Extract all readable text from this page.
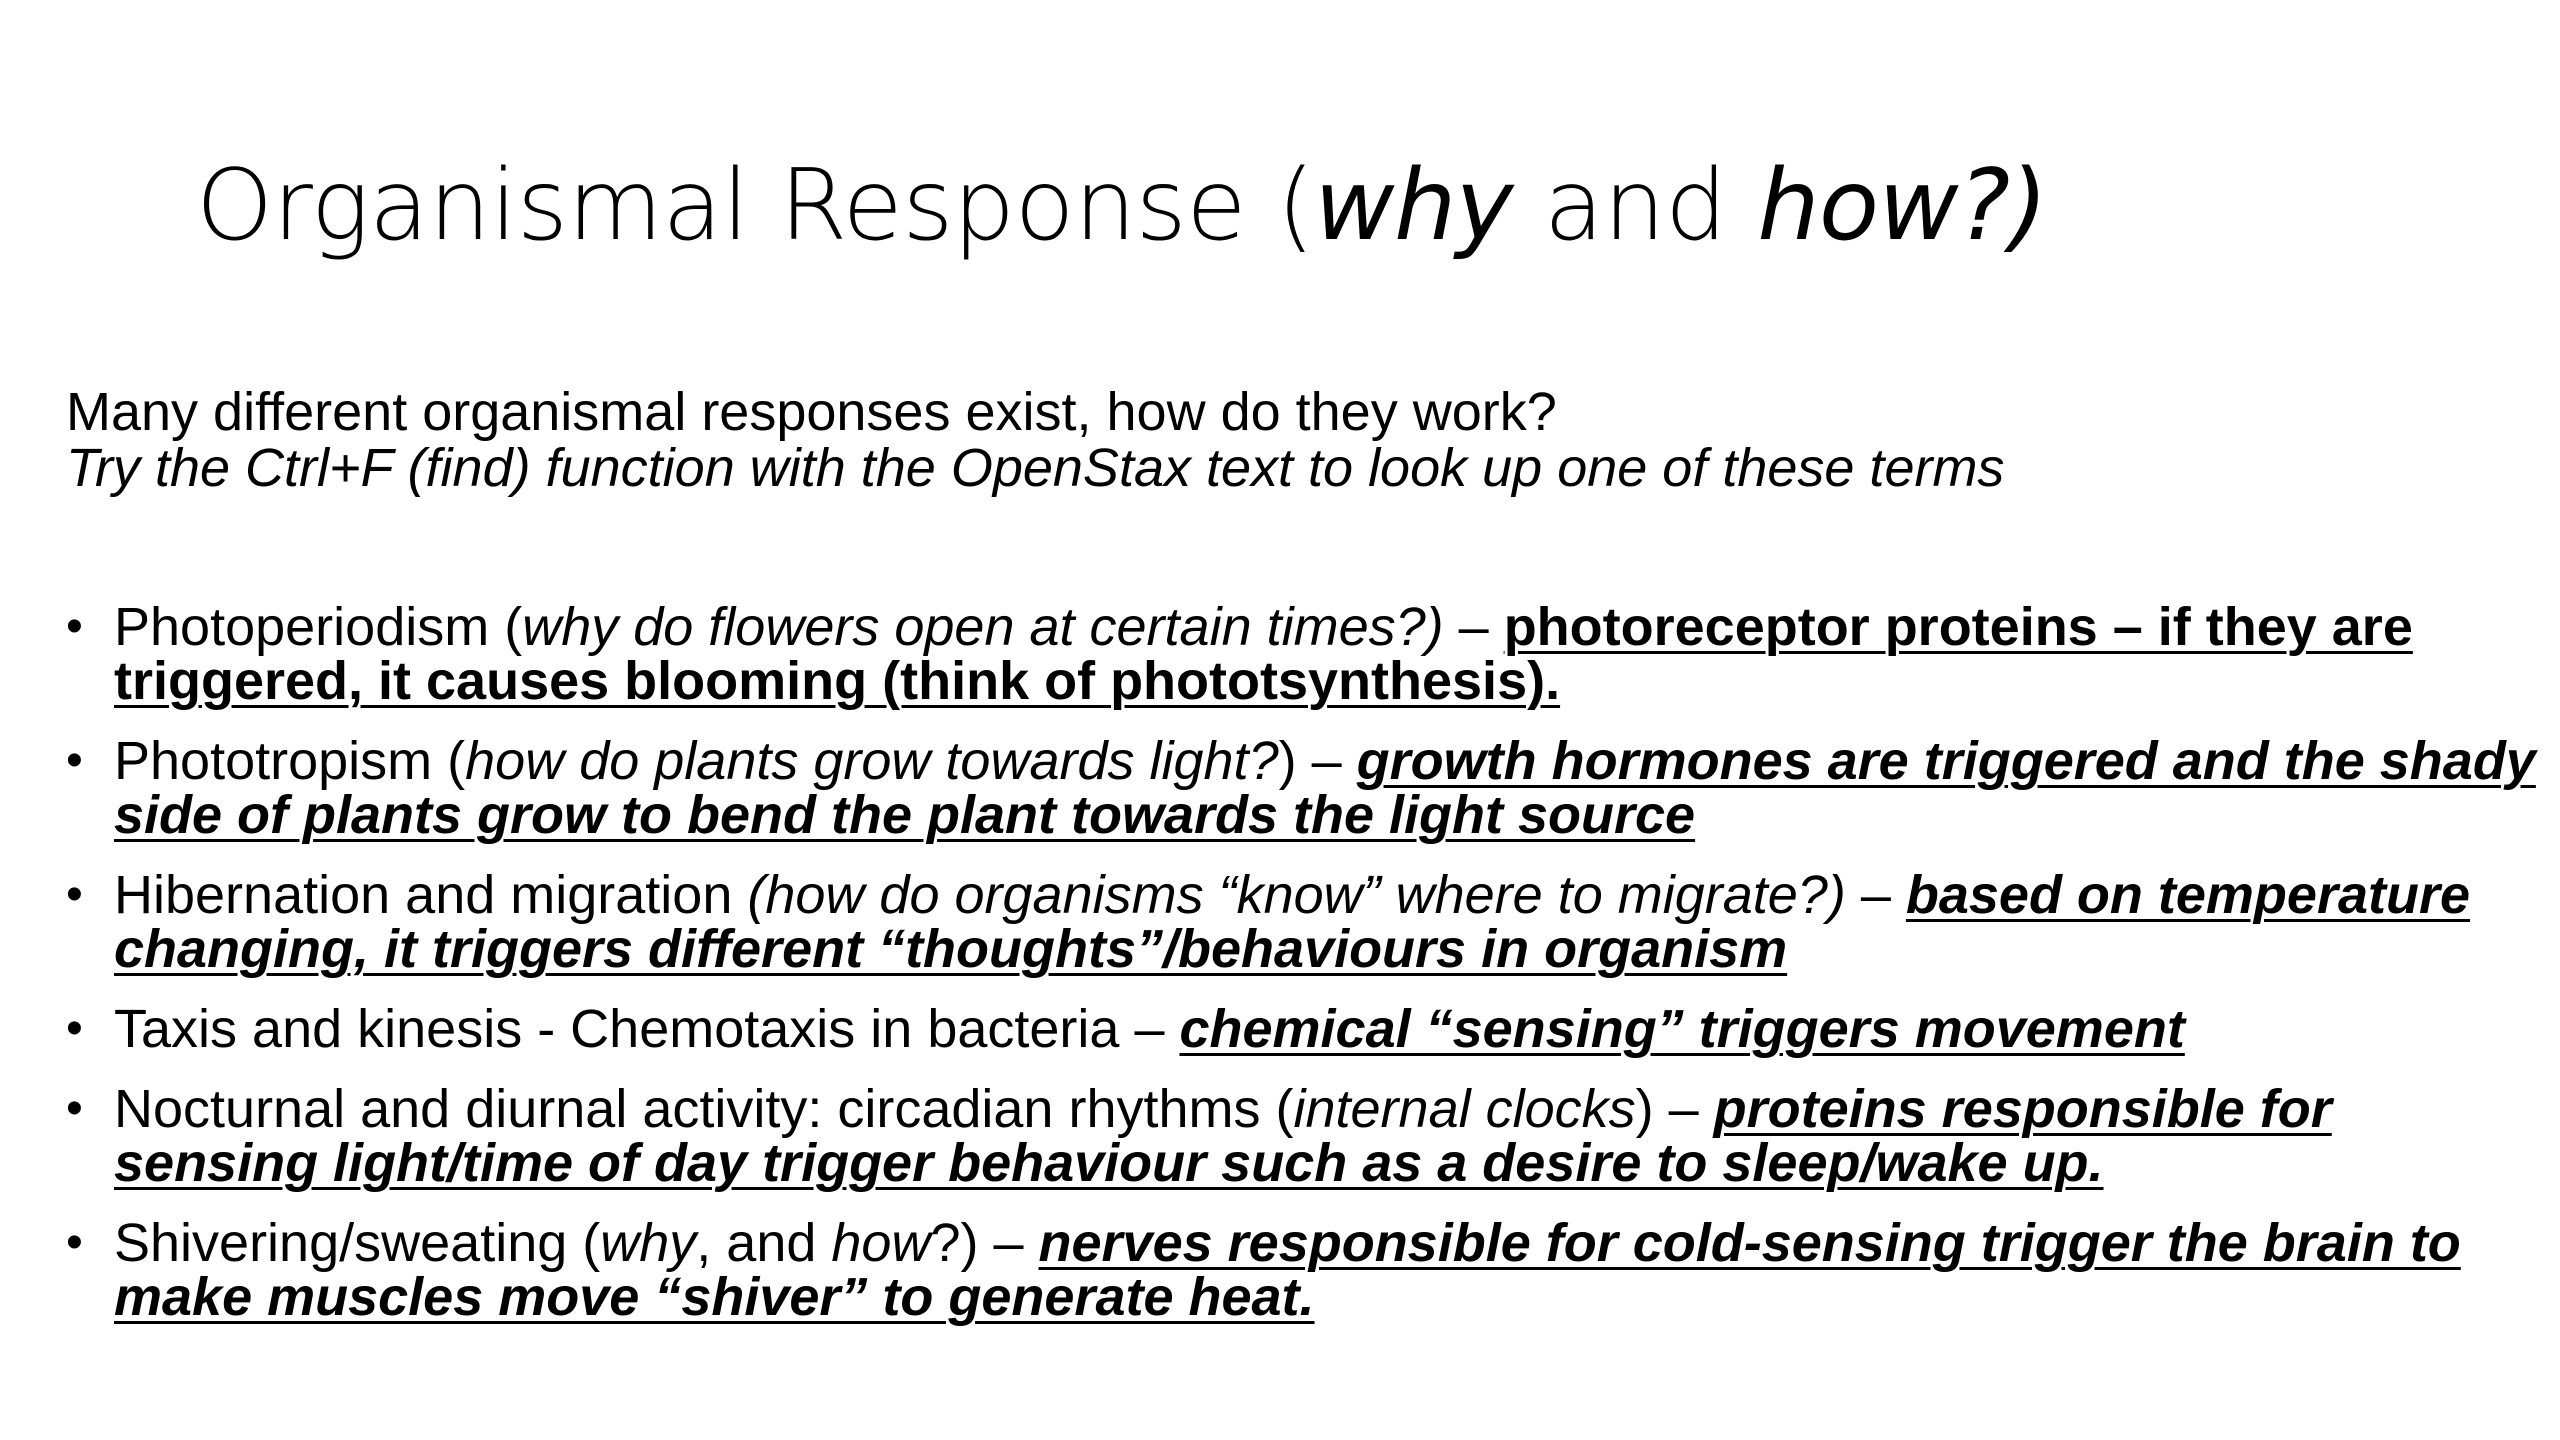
Organismal Response (why and how?)
Many different organismal responses exist, how do they work?
Try the Ctrl+F (find) function with the OpenStax text to look up one of these terms
• Photoperiodism (why do flowers open at certain times?) – photoreceptor proteins – if they are triggered, it causes blooming (think of phototsynthesis).
• Phototropism (how do plants grow towards light?) – growth hormones are triggered and the shady side of plants grow to bend the plant towards the light source
• Hibernation and migration (how do organisms “know” where to migrate?) – based on temperature changing, it triggers different “thoughts”/behaviours in organism
• Taxis and kinesis - Chemotaxis in bacteria – chemical “sensing” triggers movement
• Nocturnal and diurnal activity: circadian rhythms (internal clocks) – proteins responsible for sensing light/time of day trigger behaviour such as a desire to sleep/wake up.
• Shivering/sweating (why, and how?) – nerves responsible for cold-sensing trigger the brain to make muscles move “shiver” to generate heat.
